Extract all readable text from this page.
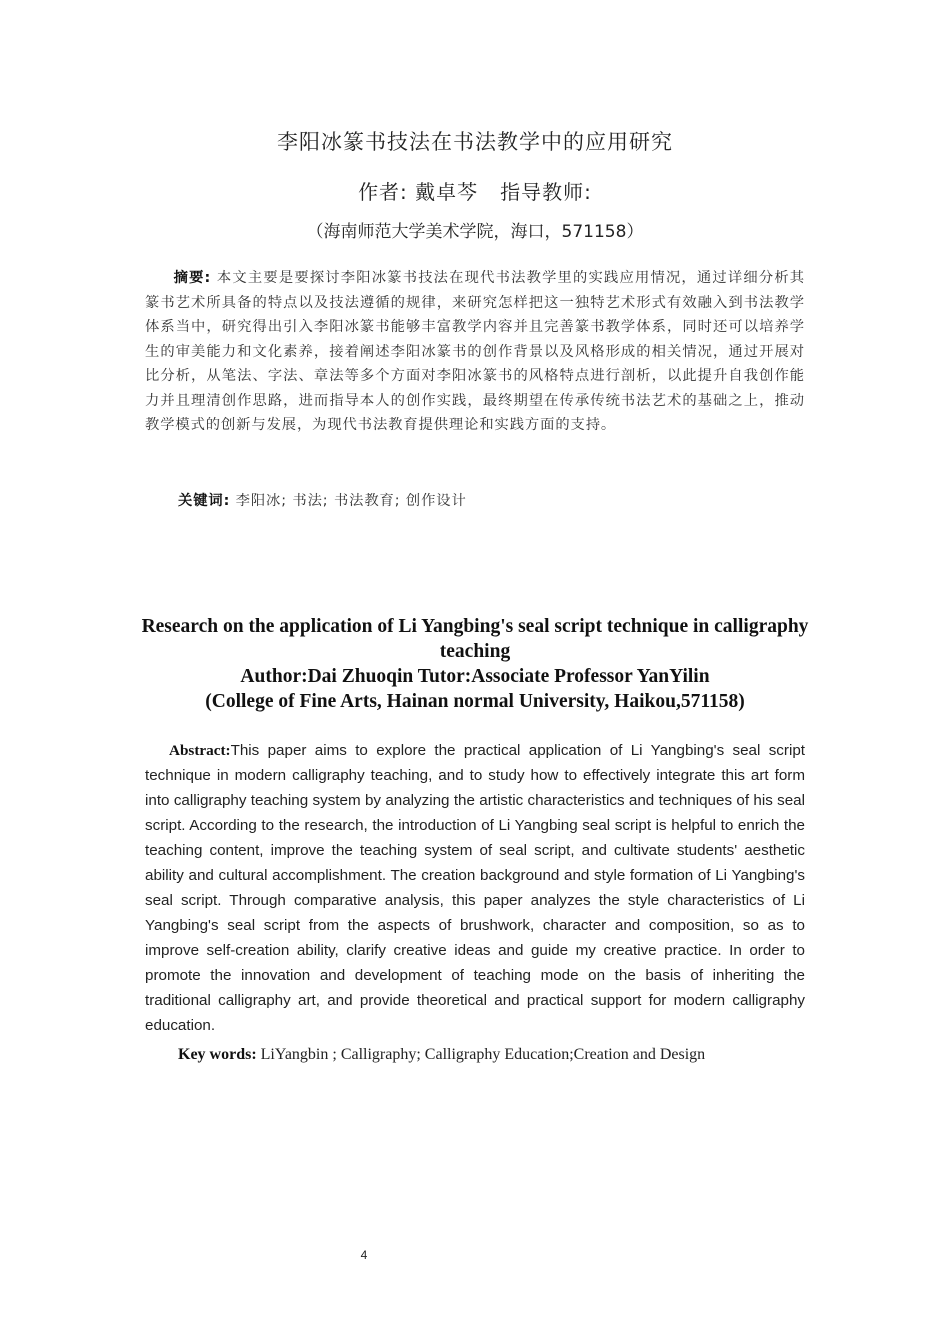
李阳冰篆书技法在书法教学中的应用研究
作者: 戴卓芩 指导教师:
（海南师范大学美术学院，海口，571158）

摘要: 本文主要是要探讨李阳冰篆书技法在现代书法教学里的实践应用情况，通过详细分析其篆书艺术所具备的特点以及技法遵循的规律，来研究怎样把这一独特艺术形式有效融入到书法教学体系当中，研究得出引入李阳冰篆书能够丰富教学内容并且完善篆书教学体系，同时还可以培养学生的审美能力和文化素养，接着阐述李阳冰篆书的创作背景以及风格形成的相关情况，通过开展对比分析，从笔法、字法、章法等多个方面对李阳冰篆书的风格特点进行剖析，以此提升自我创作能力并且理清创作思路，进而指导本人的创作实践，最终期望在传承传统书法艺术的基础之上，推动教学模式的创新与发展，为现代书法教育提供理论和实践方面的支持。

关键词: 李阳冰; 书法; 书法教育; 创作设计

Research on the application of Li Yangbing's seal script technique in calligraphy teaching

Author:Dai Zhuoqin Tutor:Associate Professor YanYilin
(College of Fine Arts, Hainan normal University, Haikou,571158)

Abstract:This paper aims to explore the practical application of Li Yangbing's seal script technique in modern calligraphy teaching, and to study how to effectively integrate this art form into calligraphy teaching system by analyzing the artistic characteristics and techniques of his seal script. According to the research, the introduction of Li Yangbing seal script is helpful to enrich the teaching content, improve the teaching system of seal script, and cultivate students' aesthetic ability and cultural accomplishment. The creation background and style formation of Li Yangbing's seal script. Through comparative analysis, this paper analyzes the style characteristics of Li Yangbing's seal script from the aspects of brushwork, character and composition, so as to improve self-creation ability, clarify creative ideas and guide my creative practice. In order to promote the innovation and development of teaching mode on the basis of inheriting the traditional calligraphy art, and provide theoretical and practical support for modern calligraphy education.

Key words: LiYangbin ; Calligraphy; Calligraphy Education;Creation and Design
4
